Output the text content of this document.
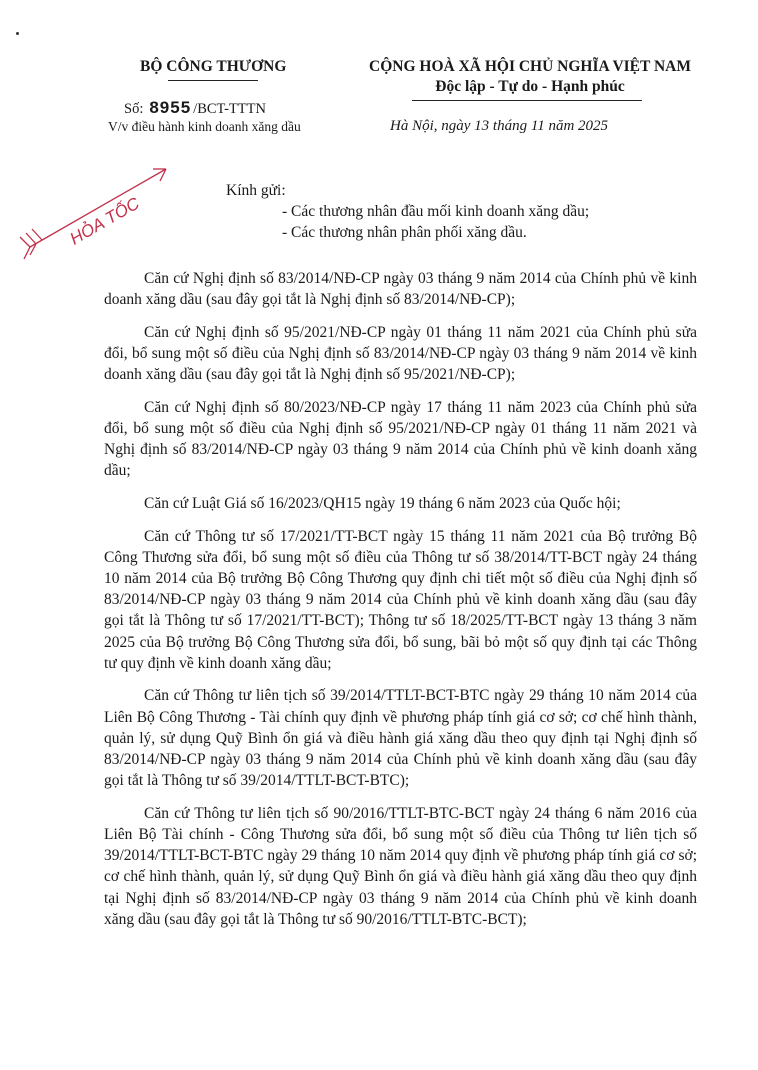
BỘ CÔNG THƯƠNG	CỘNG HOÀ XÃ HỘI CHỦ NGHĨA VIỆT NAM
Độc lập - Tự do - Hạnh phúc
Số: 8955 /BCT-TTTN
V/v điều hành kinh doanh xăng dầu	Hà Nội, ngày 13 tháng 11 năm 2025
HỎA TỐC
Kính gửi:
- Các thương nhân đầu mối kinh doanh xăng dầu;
- Các thương nhân phân phối xăng dầu.

Căn cứ Nghị định số 83/2014/NĐ-CP ngày 03 tháng 9 năm 2014 của Chính phủ về kinh doanh xăng dầu (sau đây gọi tắt là Nghị định số 83/2014/NĐ-CP);

Căn cứ Nghị định số 95/2021/NĐ-CP ngày 01 tháng 11 năm 2021 của Chính phủ sửa đổi, bổ sung một số điều của Nghị định số 83/2014/NĐ-CP ngày 03 tháng 9 năm 2014 về kinh doanh xăng dầu (sau đây gọi tắt là Nghị định số 95/2021/NĐ-CP);

Căn cứ Nghị định số 80/2023/NĐ-CP ngày 17 tháng 11 năm 2023 của Chính phủ sửa đổi, bổ sung một số điều của Nghị định số 95/2021/NĐ-CP ngày 01 tháng 11 năm 2021 và Nghị định số 83/2014/NĐ-CP ngày 03 tháng 9 năm 2014 của Chính phủ về kinh doanh xăng dầu;

Căn cứ Luật Giá số 16/2023/QH15 ngày 19 tháng 6 năm 2023 của Quốc hội;

Căn cứ Thông tư số 17/2021/TT-BCT ngày 15 tháng 11 năm 2021 của Bộ trưởng Bộ Công Thương sửa đổi, bổ sung một số điều của Thông tư số 38/2014/TT-BCT ngày 24 tháng 10 năm 2014 của Bộ trưởng Bộ Công Thương quy định chi tiết một số điều của Nghị định số 83/2014/NĐ-CP ngày 03 tháng 9 năm 2014 của Chính phủ về kinh doanh xăng dầu (sau đây gọi tắt là Thông tư số 17/2021/TT-BCT); Thông tư số 18/2025/TT-BCT ngày 13 tháng 3 năm 2025 của Bộ trưởng Bộ Công Thương sửa đổi, bổ sung, bãi bỏ một số quy định tại các Thông tư quy định về kinh doanh xăng dầu;

Căn cứ Thông tư liên tịch số 39/2014/TTLT-BCT-BTC ngày 29 tháng 10 năm 2014 của Liên Bộ Công Thương - Tài chính quy định về phương pháp tính giá cơ sở; cơ chế hình thành, quản lý, sử dụng Quỹ Bình ổn giá và điều hành giá xăng dầu theo quy định tại Nghị định số 83/2014/NĐ-CP ngày 03 tháng 9 năm 2014 của Chính phủ về kinh doanh xăng dầu (sau đây gọi tắt là Thông tư số 39/2014/TTLT-BCT-BTC);

Căn cứ Thông tư liên tịch số 90/2016/TTLT-BTC-BCT ngày 24 tháng 6 năm 2016 của Liên Bộ Tài chính - Công Thương sửa đổi, bổ sung một số điều của Thông tư liên tịch số 39/2014/TTLT-BCT-BTC ngày 29 tháng 10 năm 2014 quy định về phương pháp tính giá cơ sở; cơ chế hình thành, quản lý, sử dụng Quỹ Bình ổn giá và điều hành giá xăng dầu theo quy định tại Nghị định số 83/2014/NĐ-CP ngày 03 tháng 9 năm 2014 của Chính phủ về kinh doanh xăng dầu (sau đây gọi tắt là Thông tư số 90/2016/TTLT-BTC-BCT);
